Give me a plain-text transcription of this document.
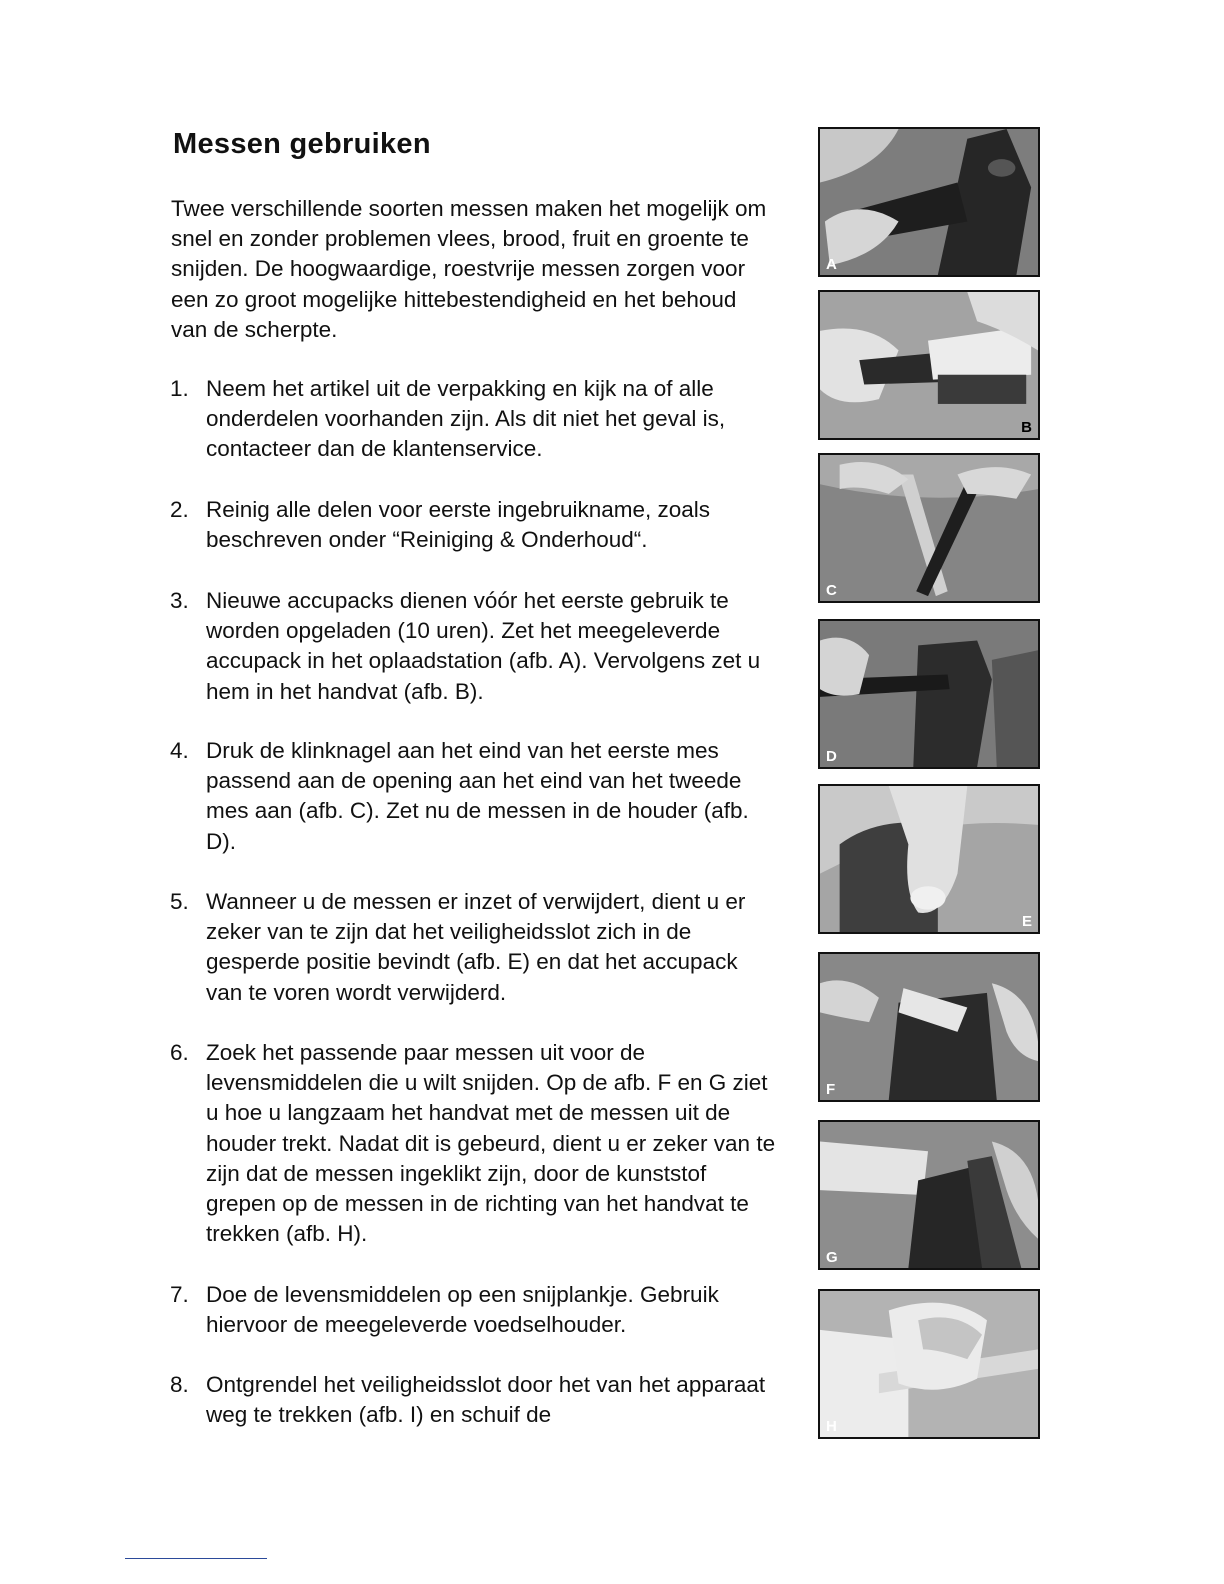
Messen gebruiken

Twee verschillende soorten messen maken het mogelijk om snel en zonder problemen vlees, brood, fruit en groente te snijden. De hoogwaardige, roestvrije messen zorgen voor een zo groot mogelijke hittebestendigheid en het behoud van de scherpte.

1. Neem het artikel uit de verpakking en kijk na of alle onderdelen voorhanden zijn. Als dit niet het geval is, contacteer dan de klantenservice.

2. Reinig alle delen voor eerste ingebruikname, zoals beschreven onder “Reiniging & Onderhoud“.

3. Nieuwe accupacks dienen vóór het eerste gebruik te worden opgeladen (10 uren). Zet het meegeleverde accupack in het oplaadstation (afb. A). Vervolgens zet u hem in het handvat (afb. B).

4. Druk de klinknagel aan het eind van het eerste mes passend aan de opening aan het eind van het tweede mes aan (afb. C). Zet nu de messen in de houder (afb. D).

5. Wanneer u de messen er inzet of verwijdert, dient u er zeker van te zijn dat het veiligheidsslot zich in de gesperde positie bevindt (afb. E) en dat het accupack van te voren wordt verwijderd.

6. Zoek het passende paar messen uit voor de levensmiddelen die u wilt snijden. Op de afb. F en G ziet u hoe u langzaam het handvat met de messen uit de houder trekt. Nadat dit is gebeurd, dient u er zeker van te zijn dat de messen ingeklikt zijn, door de kunststof grepen op de messen in de richting van het handvat te trekken (afb. H).

7. Doe de levensmiddelen op een snijplankje. Gebruik hiervoor de meegeleverde voedselhouder.

8. Ontgrendel het veiligheidsslot door het van het apparaat weg te trekken (afb. I) en schuif de

A
B
C
D
E
F
G
H
